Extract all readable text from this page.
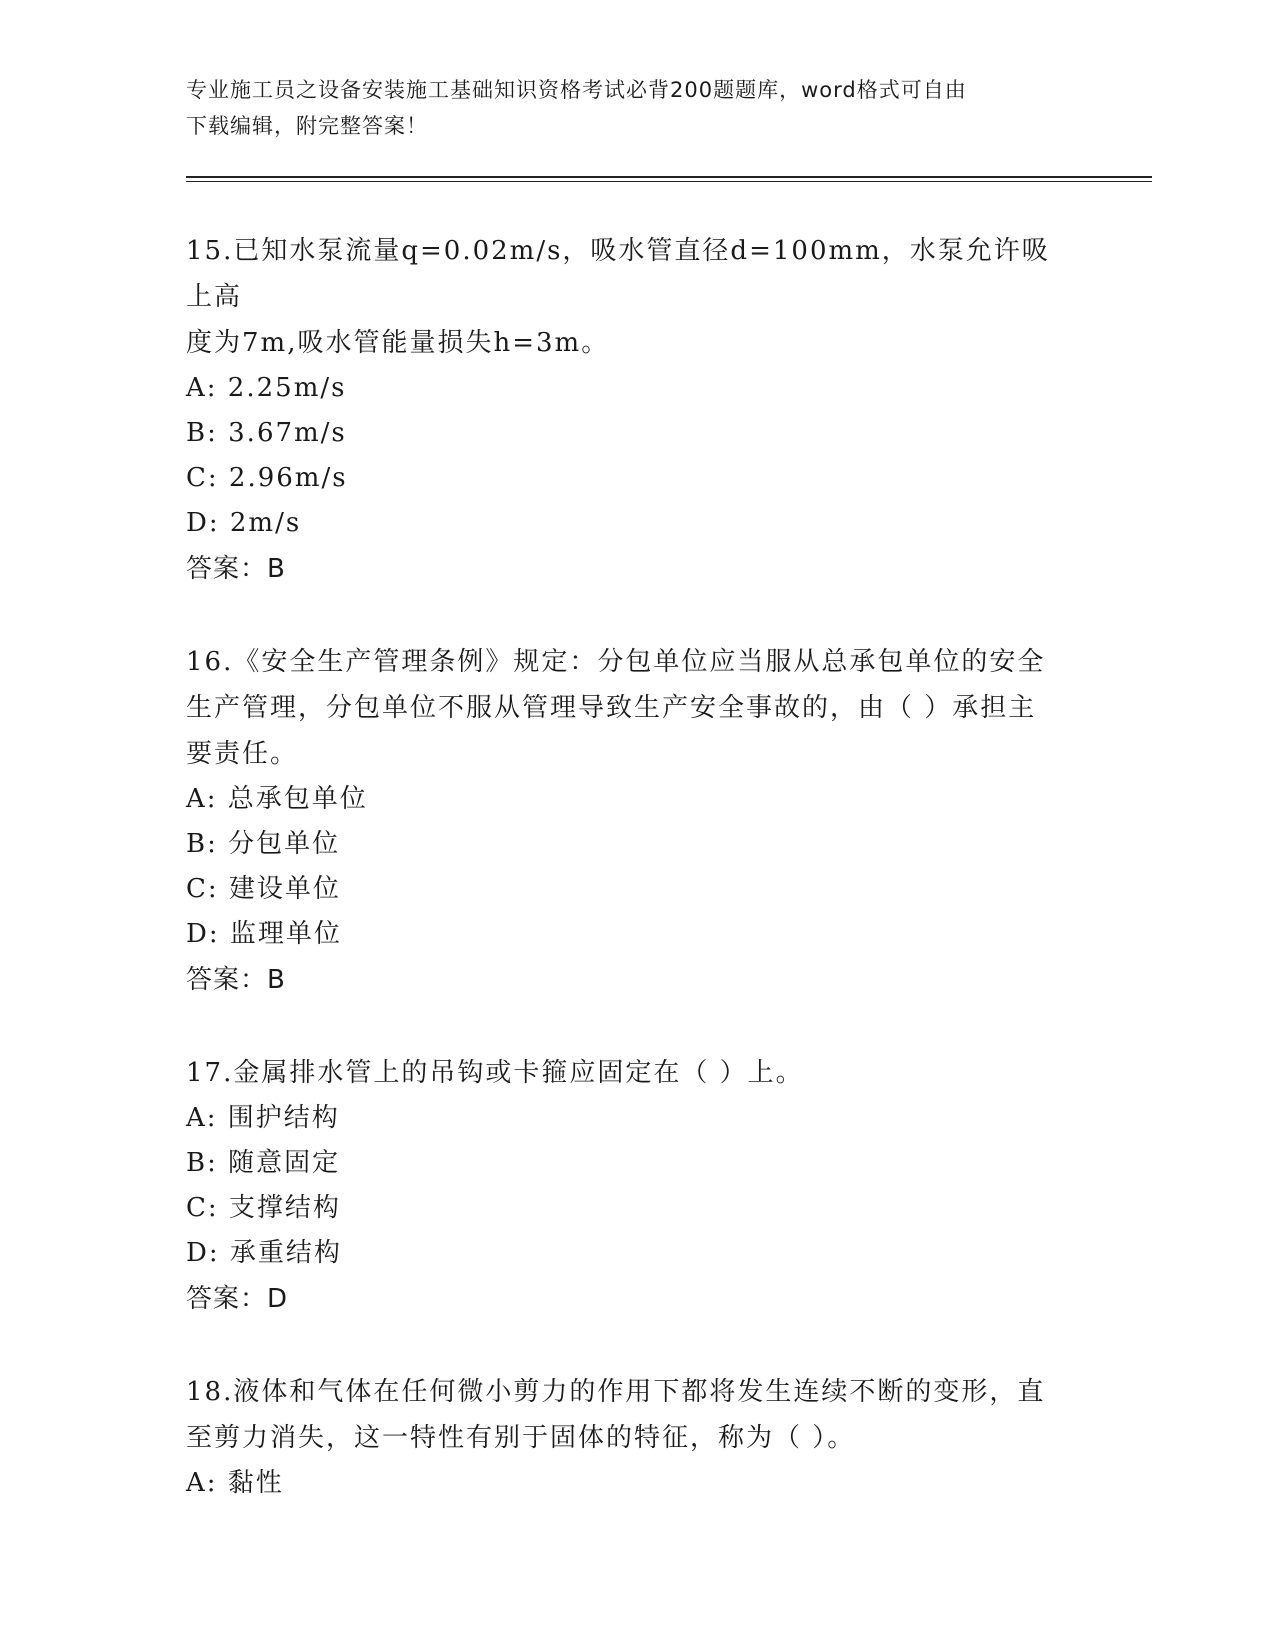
专业施工员之设备安装施工基础知识资格考试必背200题题库，word格式可自由
下载编辑，附完整答案！
15.已知水泵流量q=0.02m/s，吸水管直径d=100mm，水泵允许吸上高
度为7m,吸水管能量损失h=3m。
A: 2.25m/s
B: 3.67m/s
C: 2.96m/s
D: 2m/s
答案：B
16.《安全生产管理条例》规定：分包单位应当服从总承包单位的安全
生产管理，分包单位不服从管理导致生产安全事故的，由（ ）承担主
要责任。
A: 总承包单位
B: 分包单位
C: 建设单位
D: 监理单位
答案：B
17.金属排水管上的吊钩或卡箍应固定在（ ）上。
A: 围护结构
B: 随意固定
C: 支撑结构
D: 承重结构
答案：D
18.液体和气体在任何微小剪力的作用下都将发生连续不断的变形，直
至剪力消失，这一特性有别于固体的特征，称为（ ）。
A: 黏性
